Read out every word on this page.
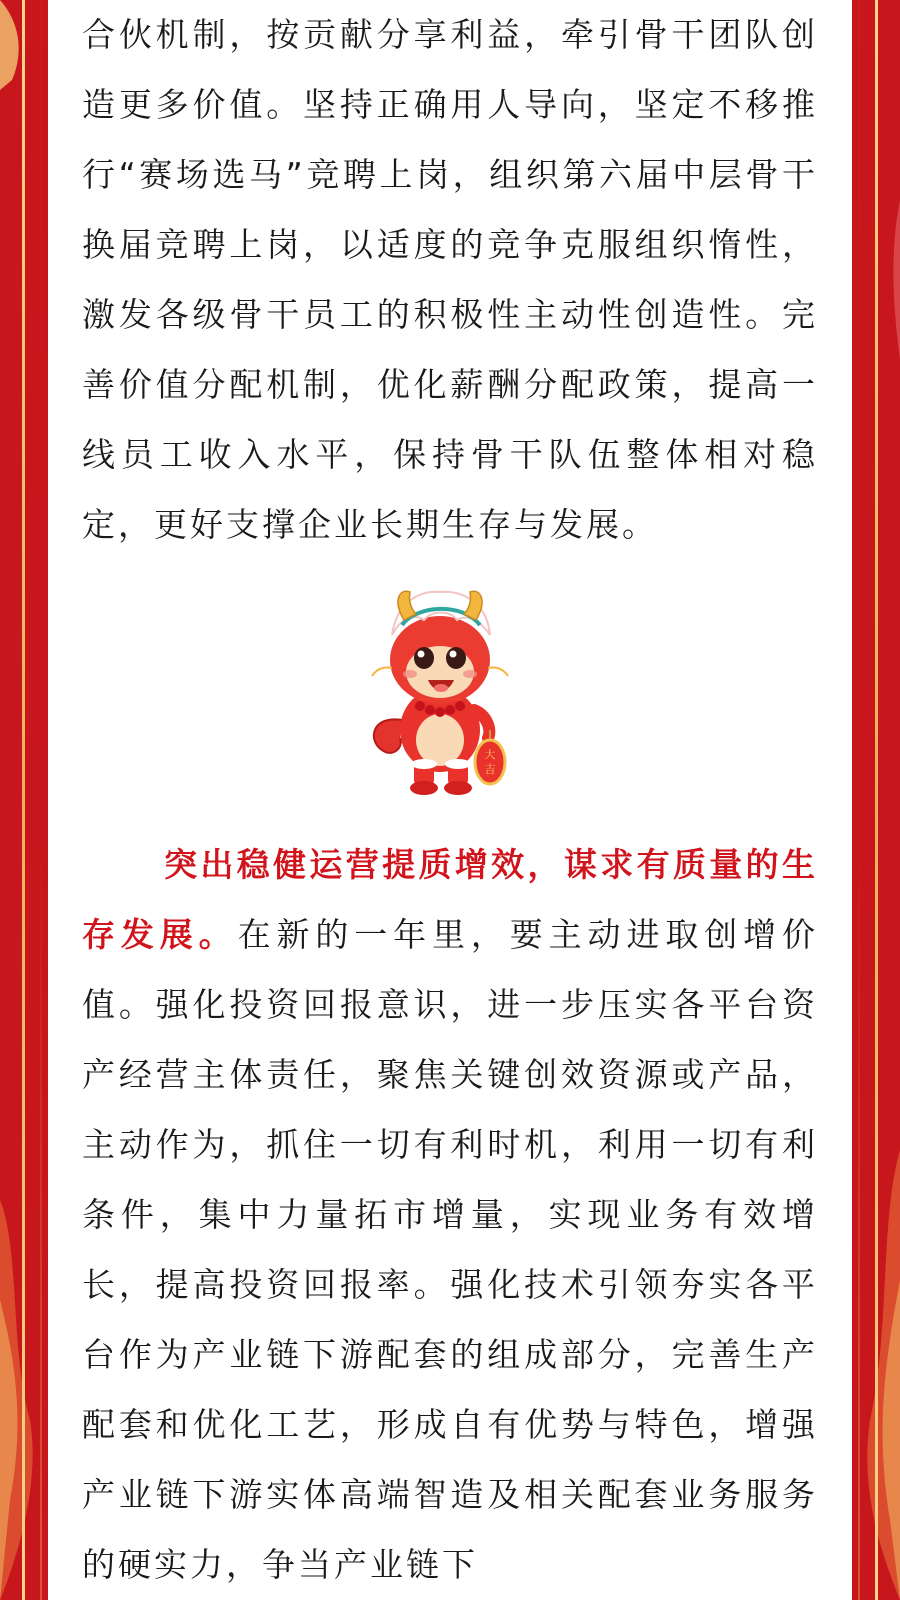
合伙机制，按贡献分享利益，牵引骨干团队创造更多价值。坚持正确用人导向，坚定不移推行“赛场选马”竞聘上岗，组织第六届中层骨干换届竞聘上岗，以适度的竞争克服组织惰性，激发各级骨干员工的积极性主动性创造性。完善价值分配机制，优化薪酬分配政策，提高一线员工收入水平，保持骨干队伍整体相对稳定，更好支撑企业长期生存与发展。

大
吉

突出稳健运营提质增效，谋求有质量的生存发展。在新的一年里，要主动进取创增价值。强化投资回报意识，进一步压实各平台资产经营主体责任，聚焦关键创效资源或产品，主动作为，抓住一切有利时机，利用一切有利条件，集中力量拓市增量，实现业务有效增长，提高投资回报率。强化技术引领夯实各平台作为产业链下游配套的组成部分，完善生产配套和优化工艺，形成自有优势与特色，增强产业链下游实体高端智造及相关配套业务服务的硬实力，争当产业链下
